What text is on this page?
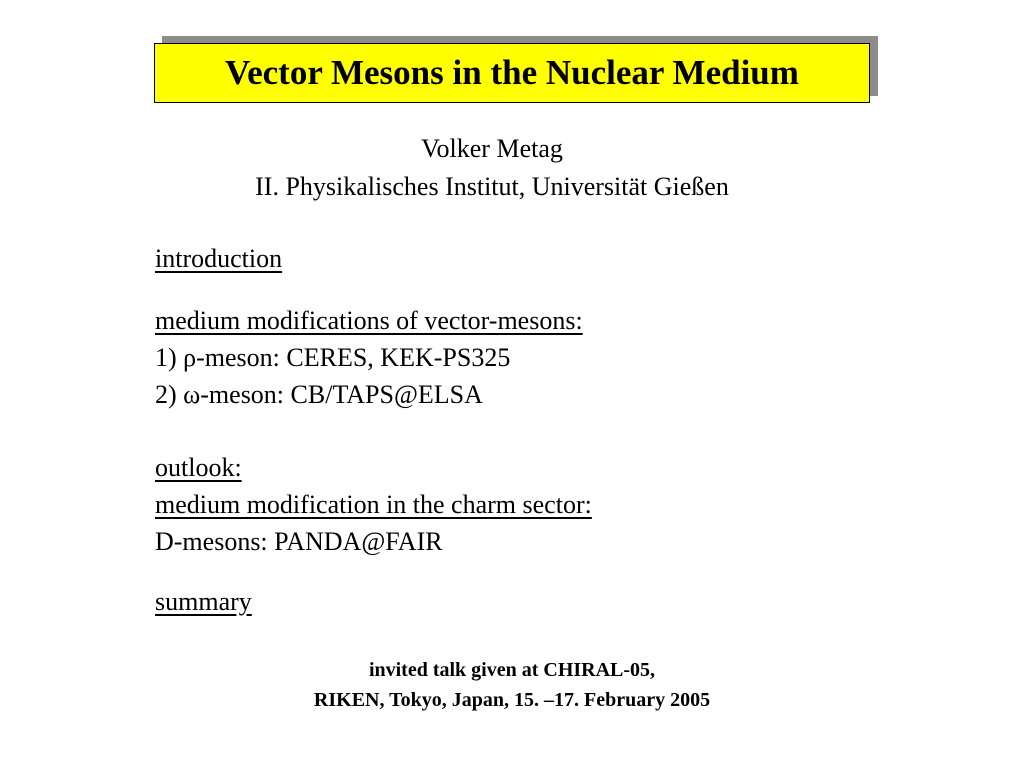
Vector Mesons in the Nuclear Medium
Volker Metag
II. Physikalisches Institut, Universität Gießen
introduction
medium modifications of vector-mesons:
1) ρ-meson: CERES, KEK-PS325
2) ω-meson: CB/TAPS@ELSA
outlook:
medium modification in the charm sector:
D-mesons: PANDA@FAIR
summary
invited talk given at CHIRAL-05,
RIKEN, Tokyo, Japan, 15. –17. February 2005
